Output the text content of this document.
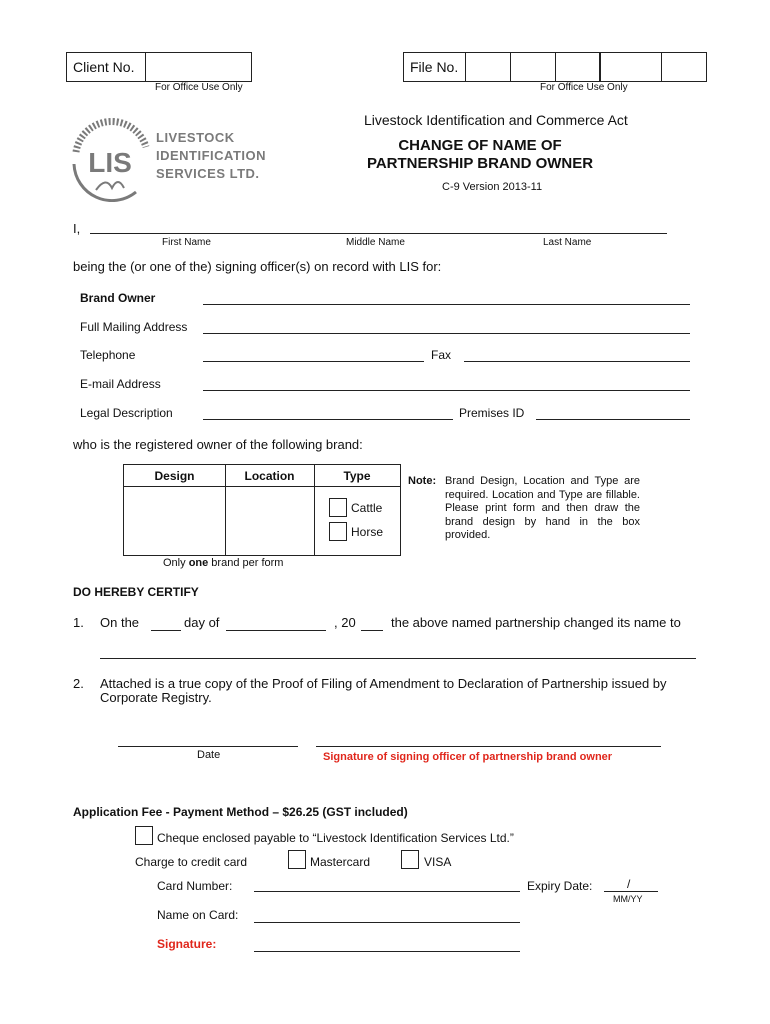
Client No.
For Office Use Only
File No.
For Office Use Only
LIS
LIVESTOCK
IDENTIFICATION
SERVICES LTD.
Livestock Identification and Commerce Act
CHANGE OF NAME OF
PARTNERSHIP BRAND OWNER
C-9 Version 2013-11
I,
First Name	Middle Name	Last Name
being the (or one of the) signing officer(s) on record with LIS for:
Brand Owner
Full Mailing Address
Telephone	Fax
E-mail Address
Legal Description	Premises ID
who is the registered owner of the following brand:
Design	Location	Type
Cattle
Horse
Only one brand per form
Note: Brand Design, Location and Type are required. Location and Type are fillable. Please print form and then draw the brand design by hand in the box provided.
DO HEREBY CERTIFY
1. On the	day of	, 20	the above named partnership changed its name to
2. Attached is a true copy of the Proof of Filing of Amendment to Declaration of Partnership issued by
Corporate Registry.
Date	Signature of signing officer of partnership brand owner
Application Fee - Payment Method – $26.25 (GST included)
Cheque enclosed payable to “Livestock Identification Services Ltd.”
Charge to credit card	Mastercard	VISA
Card Number:	Expiry Date:	/
MM/YY
Name on Card:
Signature:
